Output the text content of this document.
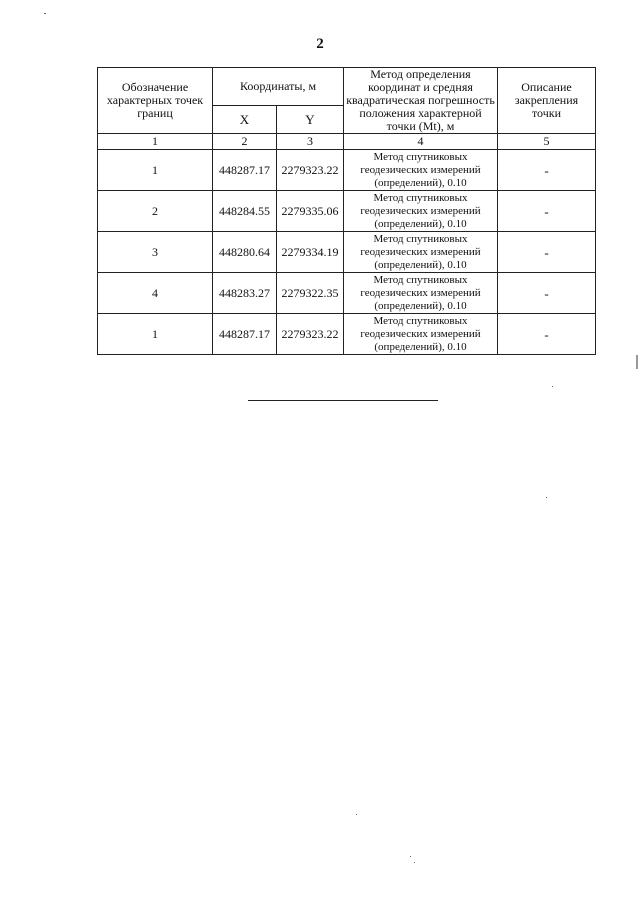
2
Обозначение характерных точек границ	Координаты, м		Метод определения координат и средняя квадратическая погрешность положения характерной точки (Mt), м	Описание закрепления точки
	X	Y		
1	2	3	4	5
1	448287.17	2279323.22	Метод спутниковых геодезических измерений (определений), 0.10	-
2	448284.55	2279335.06	Метод спутниковых геодезических измерений (определений), 0.10	-
3	448280.64	2279334.19	Метод спутниковых геодезических измерений (определений), 0.10	-
4	448283.27	2279322.35	Метод спутниковых геодезических измерений (определений), 0.10	-
1	448287.17	2279323.22	Метод спутниковых геодезических измерений (определений), 0.10	-
